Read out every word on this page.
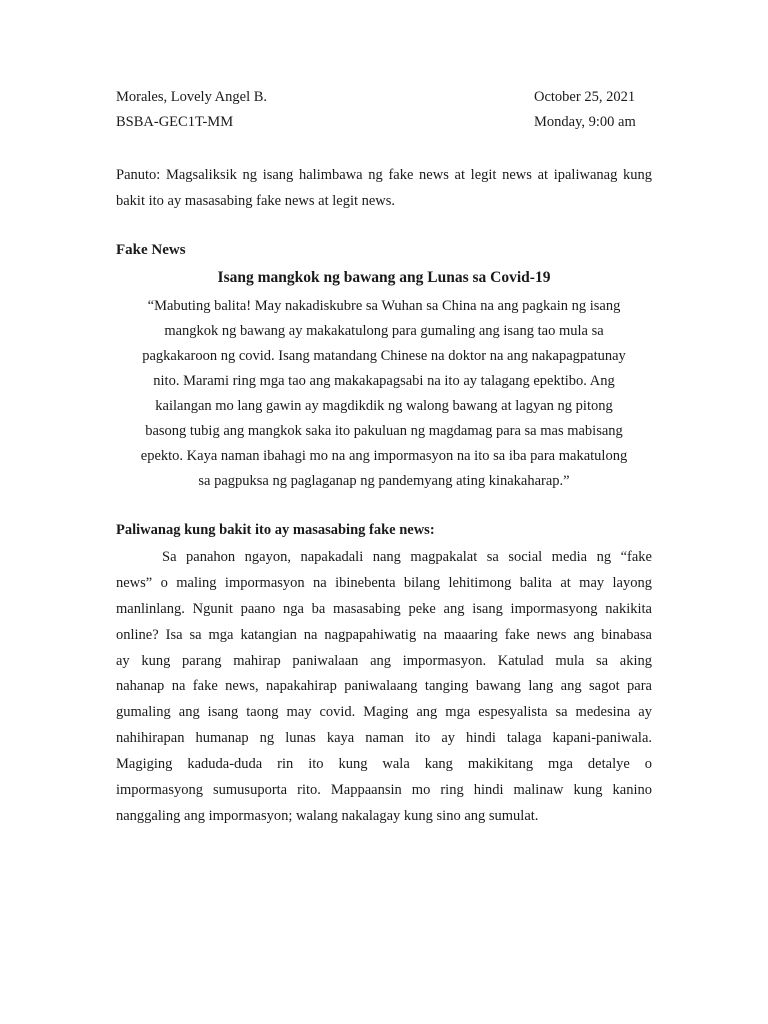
Morales, Lovely Angel B.	October 25, 2021
BSBA-GEC1T-MM	Monday, 9:00 am

Panuto: Magsaliksik ng isang halimbawa ng fake news at legit news at ipaliwanag kung bakit ito ay masasabing fake news at legit news.

Fake News

Isang mangkok ng bawang ang Lunas sa Covid-19

“Mabuting balita! May nakadiskubre sa Wuhan sa China na ang pagkain ng isang
mangkok ng bawang ay makakatulong para gumaling ang isang tao mula sa
pagkakaroon ng covid. Isang matandang Chinese na doktor na ang nakapagpatunay
nito. Marami ring mga tao ang makakapagsabi na ito ay talagang epektibo. Ang
kailangan mo lang gawin ay magdikdik ng walong bawang at lagyan ng pitong
basong tubig ang mangkok saka ito pakuluan ng magdamag para sa mas mabisang
epekto. Kaya naman ibahagi mo na ang impormasyon na ito sa iba para makatulong
sa pagpuksa ng paglaganap ng pandemyang ating kinakaharap.”

Paliwanag kung bakit ito ay masasabing fake news:

Sa panahon ngayon, napakadali nang magpakalat sa social media ng “fake
news” o maling impormasyon na ibinebenta bilang lehitimong balita at may layong
manlinlang. Ngunit paano nga ba masasabing peke ang isang impormasyong nakikita
online? Isa sa mga katangian na nagpapahiwatig na maaaring fake news ang binabasa
ay kung parang mahirap paniwalaan ang impormasyon. Katulad mula sa aking
nahanap na fake news, napakahirap paniwalaang tanging bawang lang ang sagot para
gumaling ang isang taong may covid. Maging ang mga espesyalista sa medesina ay
nahihirapan humanap ng lunas kaya naman ito ay hindi talaga kapani-paniwala.
Magiging kaduda-duda rin ito kung wala kang makikitang mga detalye o
impormasyong sumusuporta rito. Mappaansin mo ring hindi malinaw kung kanino
nanggaling ang impormasyon; walang nakalagay kung sino ang sumulat.
